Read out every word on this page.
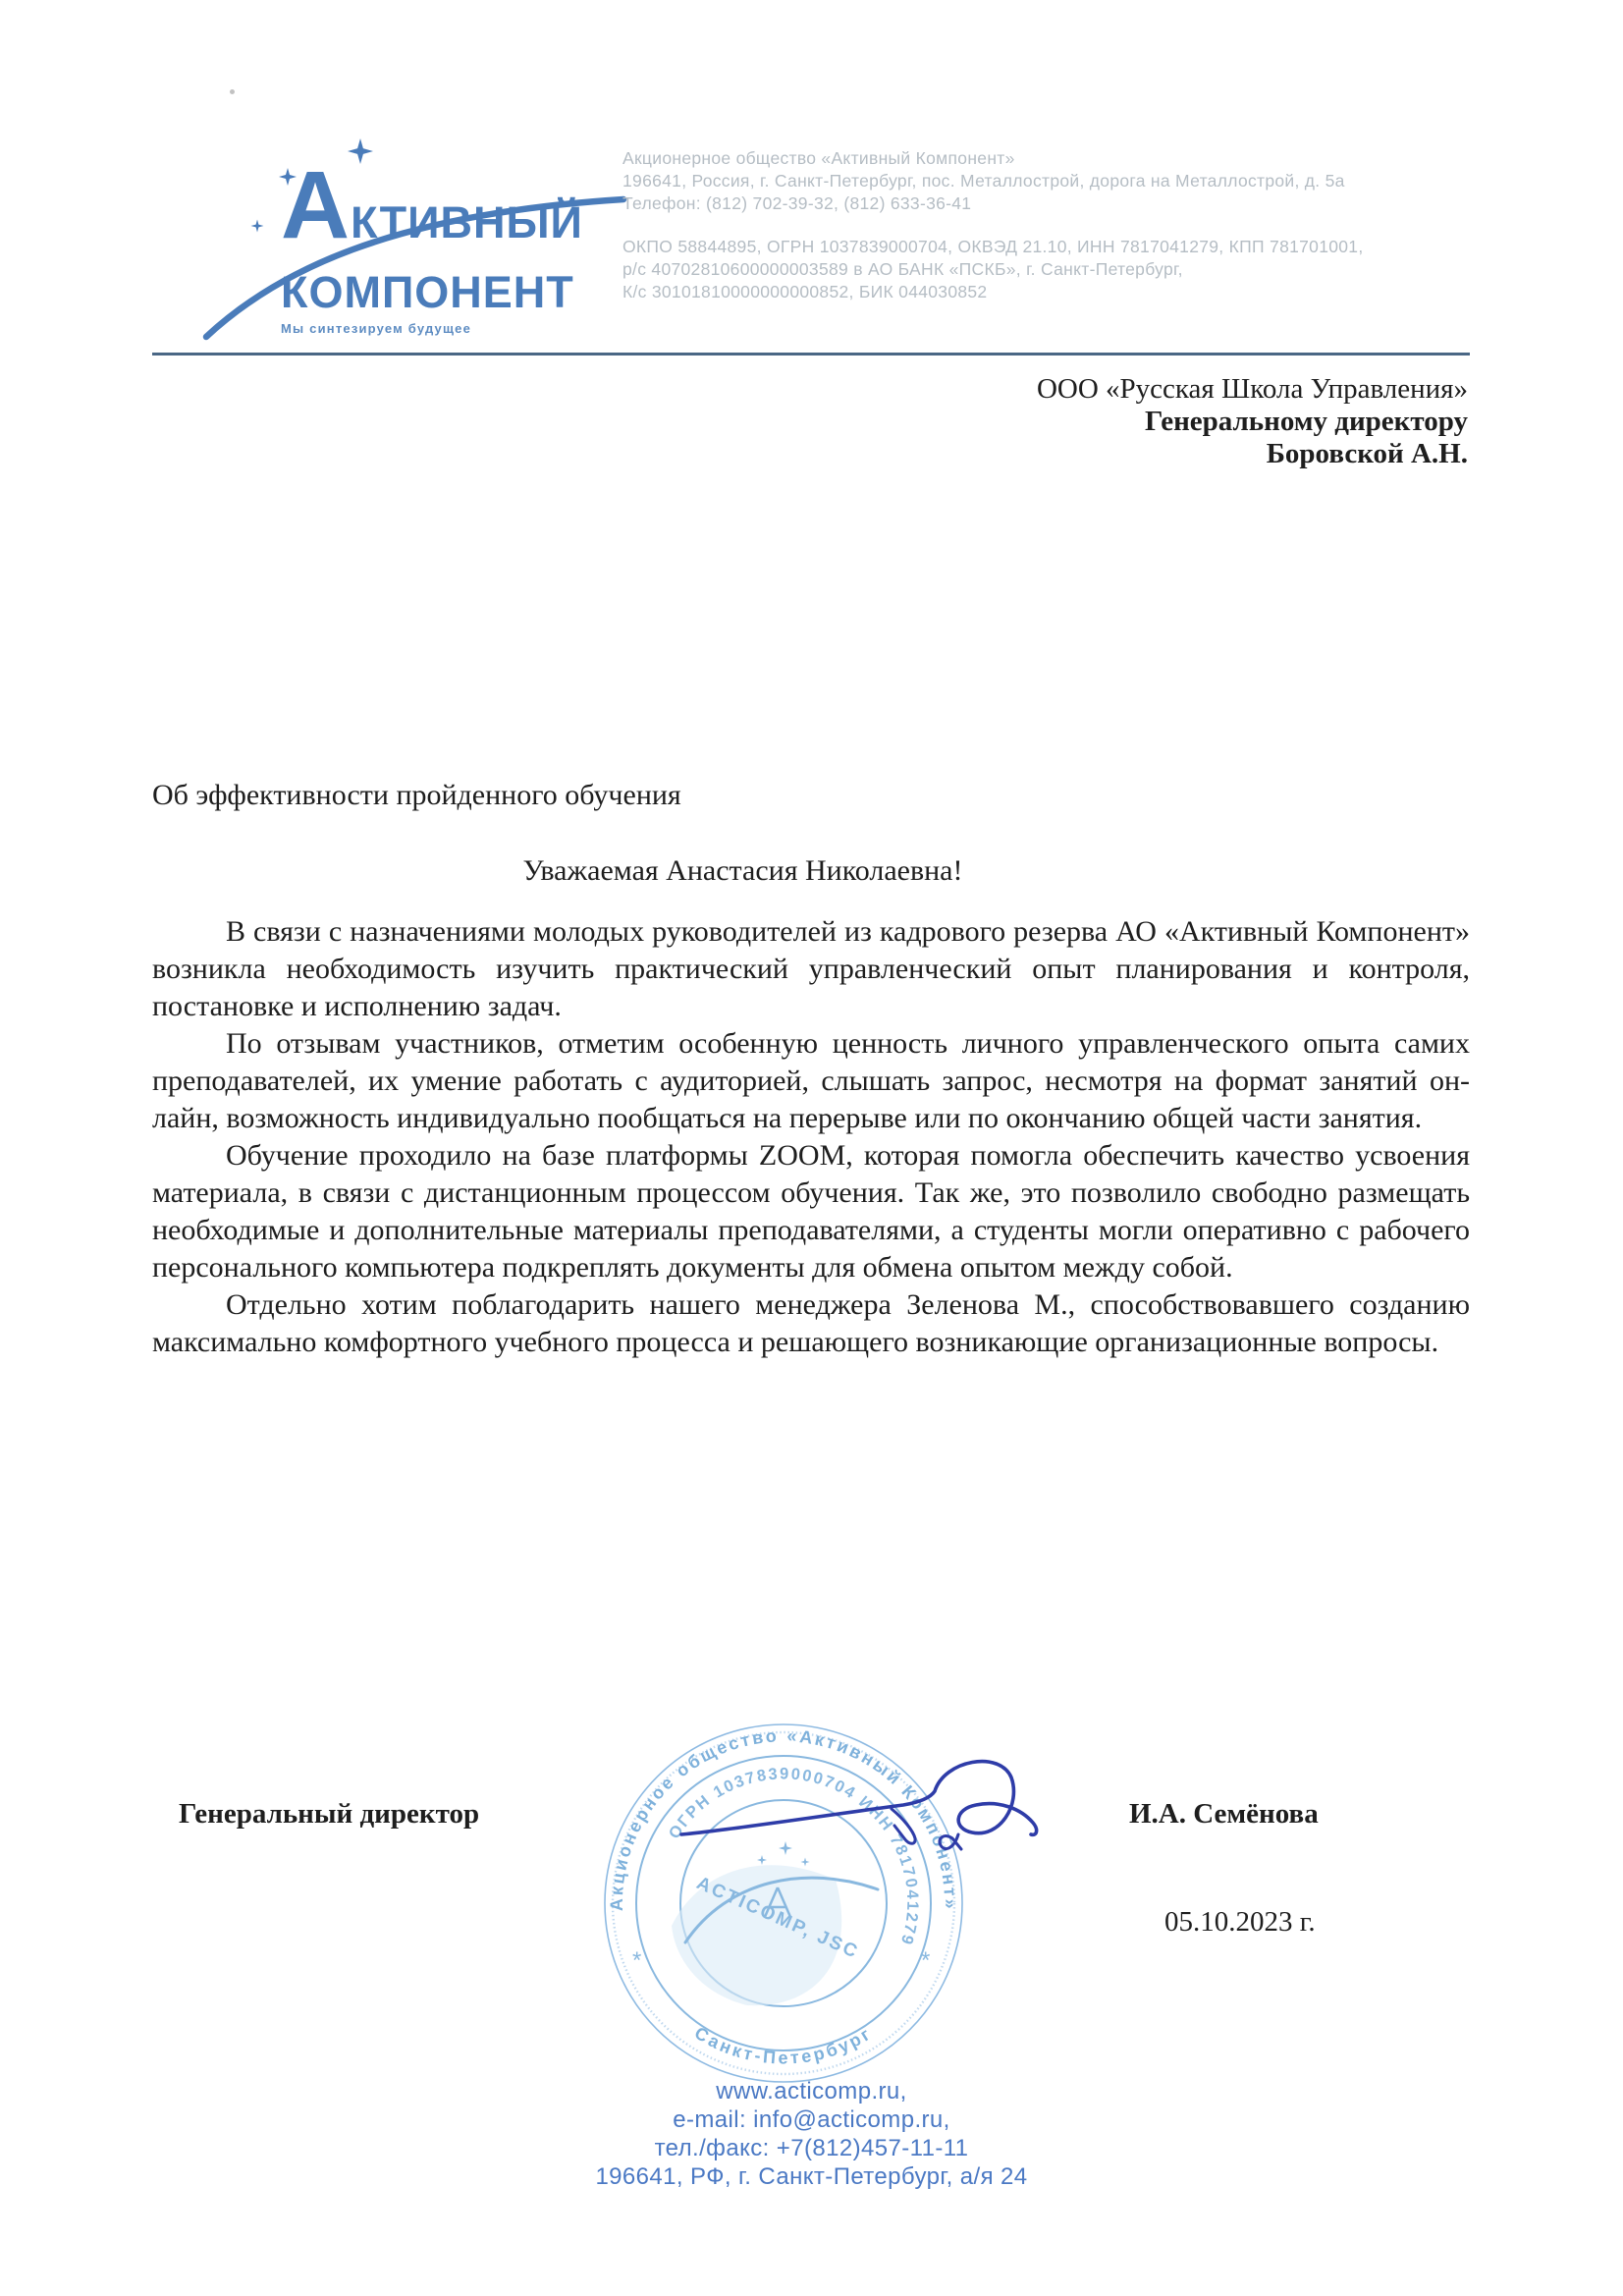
АКТИВНЫЙ
КОМПОНЕНТ
Мы синтезируем будущее
Акционерное общество «Активный Компонент»
196641, Россия, г. Санкт-Петербург, пос. Металлострой, дорога на Металлострой, д. 5а
Телефон: (812) 702-39-32, (812) 633-36-41
ОКПО 58844895, ОГРН 1037839000704, ОКВЭД 21.10, ИНН 7817041279, КПП 781701001,
р/с 40702810600000003589 в АО БАНК «ПСКБ», г. Санкт-Петербург,
К/с 30101810000000000852, БИК 044030852
ООО «Русская Школа Управления»
Генеральному директору
Боровской А.Н.
Об эффективности пройденного обучения
Уважаемая Анастасия Николаевна!

В связи с назначениями молодых руководителей из кадрового резерва АО «Активный Компонент» возникла необходимость изучить практический управленческий опыт планирования и контроля, постановке и исполнению задач.

По отзывам участников, отметим особенную ценность личного управленческого опыта самих преподавателей, их умение работать с аудиторией, слышать запрос, несмотря на формат занятий он-лайн, возможность индивидуально пообщаться на перерыве или по окончанию общей части занятия.

Обучение проходило на базе платформы ZOOM, которая помогла обеспечить качество усвоения материала, в связи с дистанционным процессом обучения. Так же, это позволило свободно размещать необходимые и дополнительные материалы преподавателями, а студенты могли оперативно с рабочего персонального компьютера подкреплять документы для обмена опытом между собой.

Отдельно хотим поблагодарить нашего менеджера Зеленова М., способствовавшего созданию максимально комфортного учебного процесса и решающего возникающие организационные вопросы.

Генеральный директор	И.А. Семёнова
05.10.2023 г.
Акционерное общество «Активный Компонент»
Санкт-Петербург
*	*
ОГРН 1037839000704 ИНН 7817041279
ACTICOMP, JSC
www.acticomp.ru,
e-mail: info@acticomp.ru,
тел./факс: +7(812)457-11-11
196641, РФ, г. Санкт-Петербург, а/я 24
